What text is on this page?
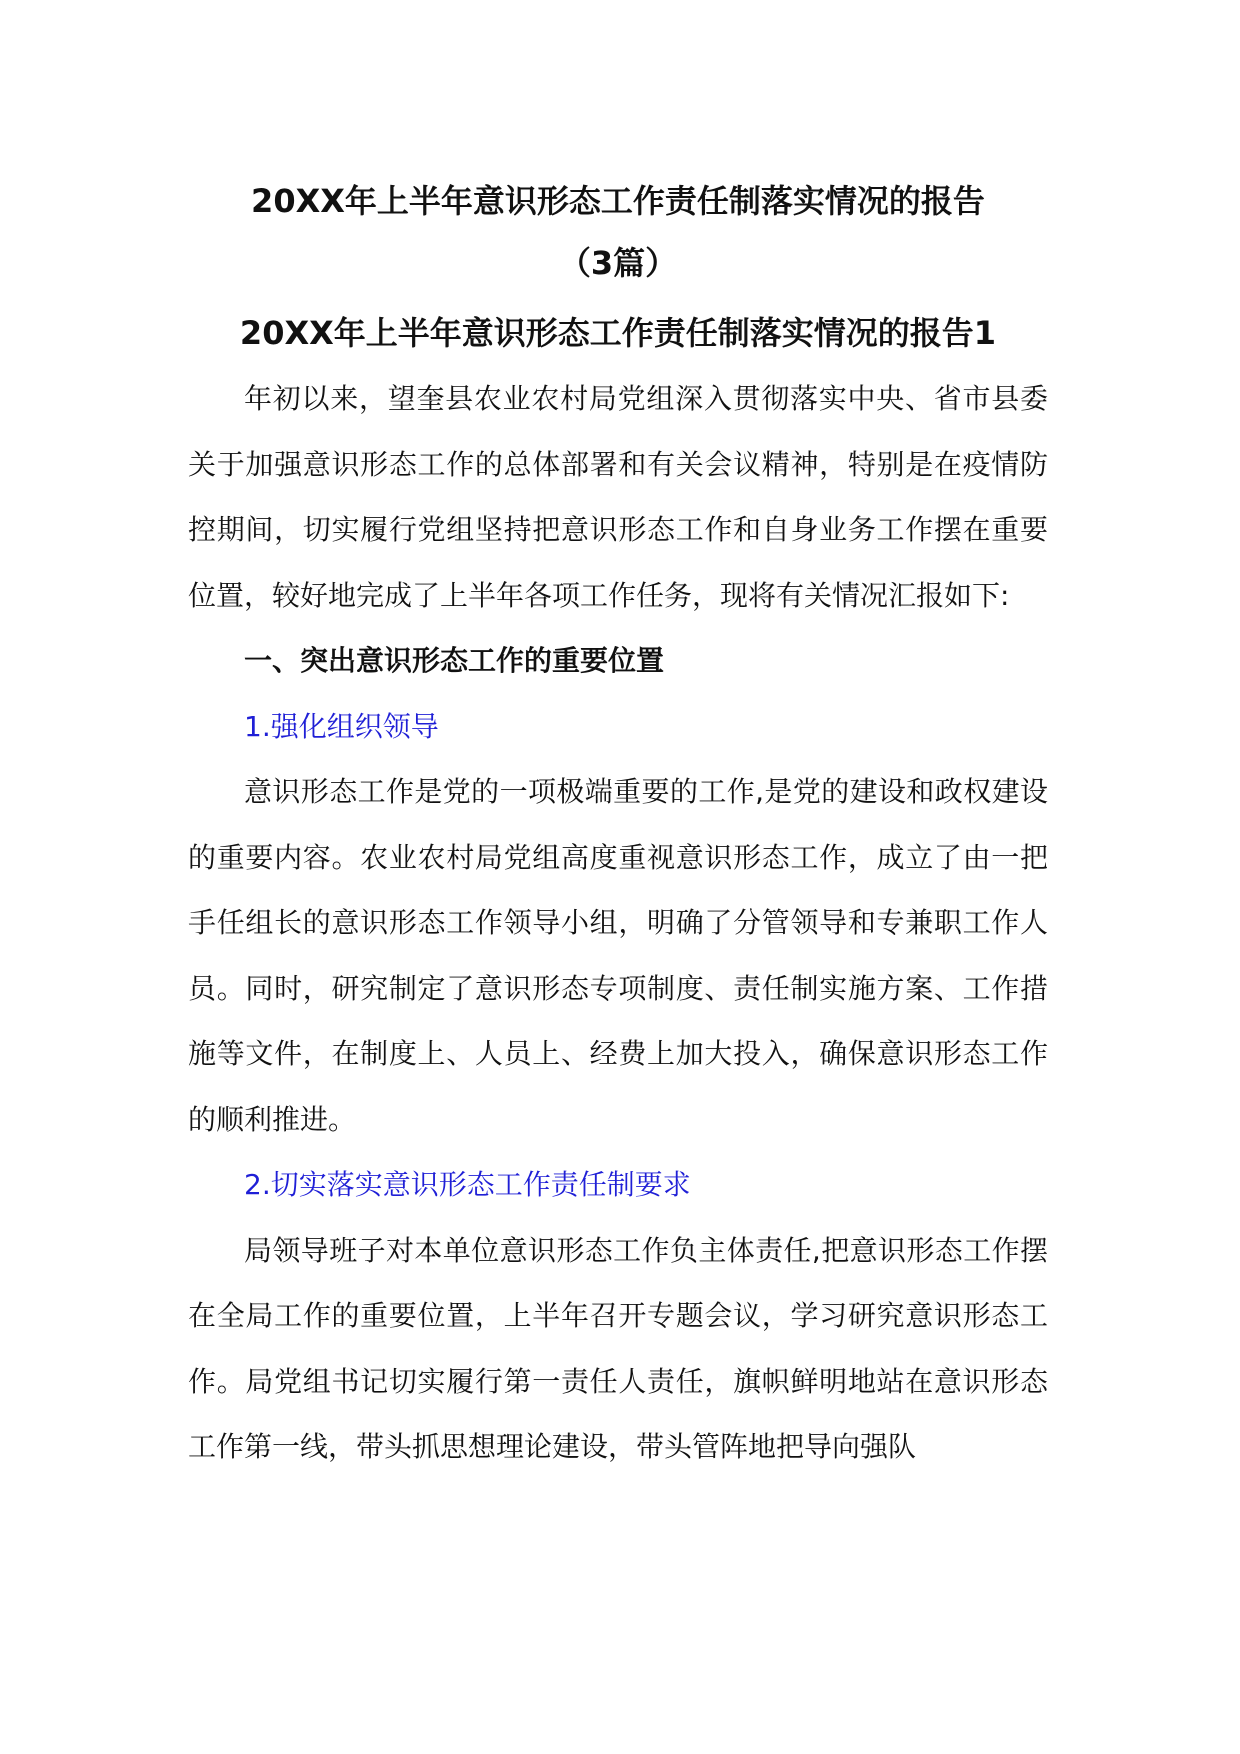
20XX年上半年意识形态工作责任制落实情况的报告

（3篇）

20XX年上半年意识形态工作责任制落实情况的报告1

年初以来，望奎县农业农村局党组深入贯彻落实中央、省市县委关于加强意识形态工作的总体部署和有关会议精神，特别是在疫情防控期间，切实履行党组坚持把意识形态工作和自身业务工作摆在重要位置，较好地完成了上半年各项工作任务，现将有关情况汇报如下:

一、突出意识形态工作的重要位置

1.强化组织领导

意识形态工作是党的一项极端重要的工作,是党的建设和政权建设的重要内容。农业农村局党组高度重视意识形态工作，成立了由一把手任组长的意识形态工作领导小组，明确了分管领导和专兼职工作人员。同时，研究制定了意识形态专项制度、责任制实施方案、工作措施等文件，在制度上、人员上、经费上加大投入，确保意识形态工作的顺利推进。

2.切实落实意识形态工作责任制要求

局领导班子对本单位意识形态工作负主体责任,把意识形态工作摆在全局工作的重要位置，上半年召开专题会议，学习研究意识形态工作。局党组书记切实履行第一责任人责任，旗帜鲜明地站在意识形态工作第一线，带头抓思想理论建设，带头管阵地把导向强队
